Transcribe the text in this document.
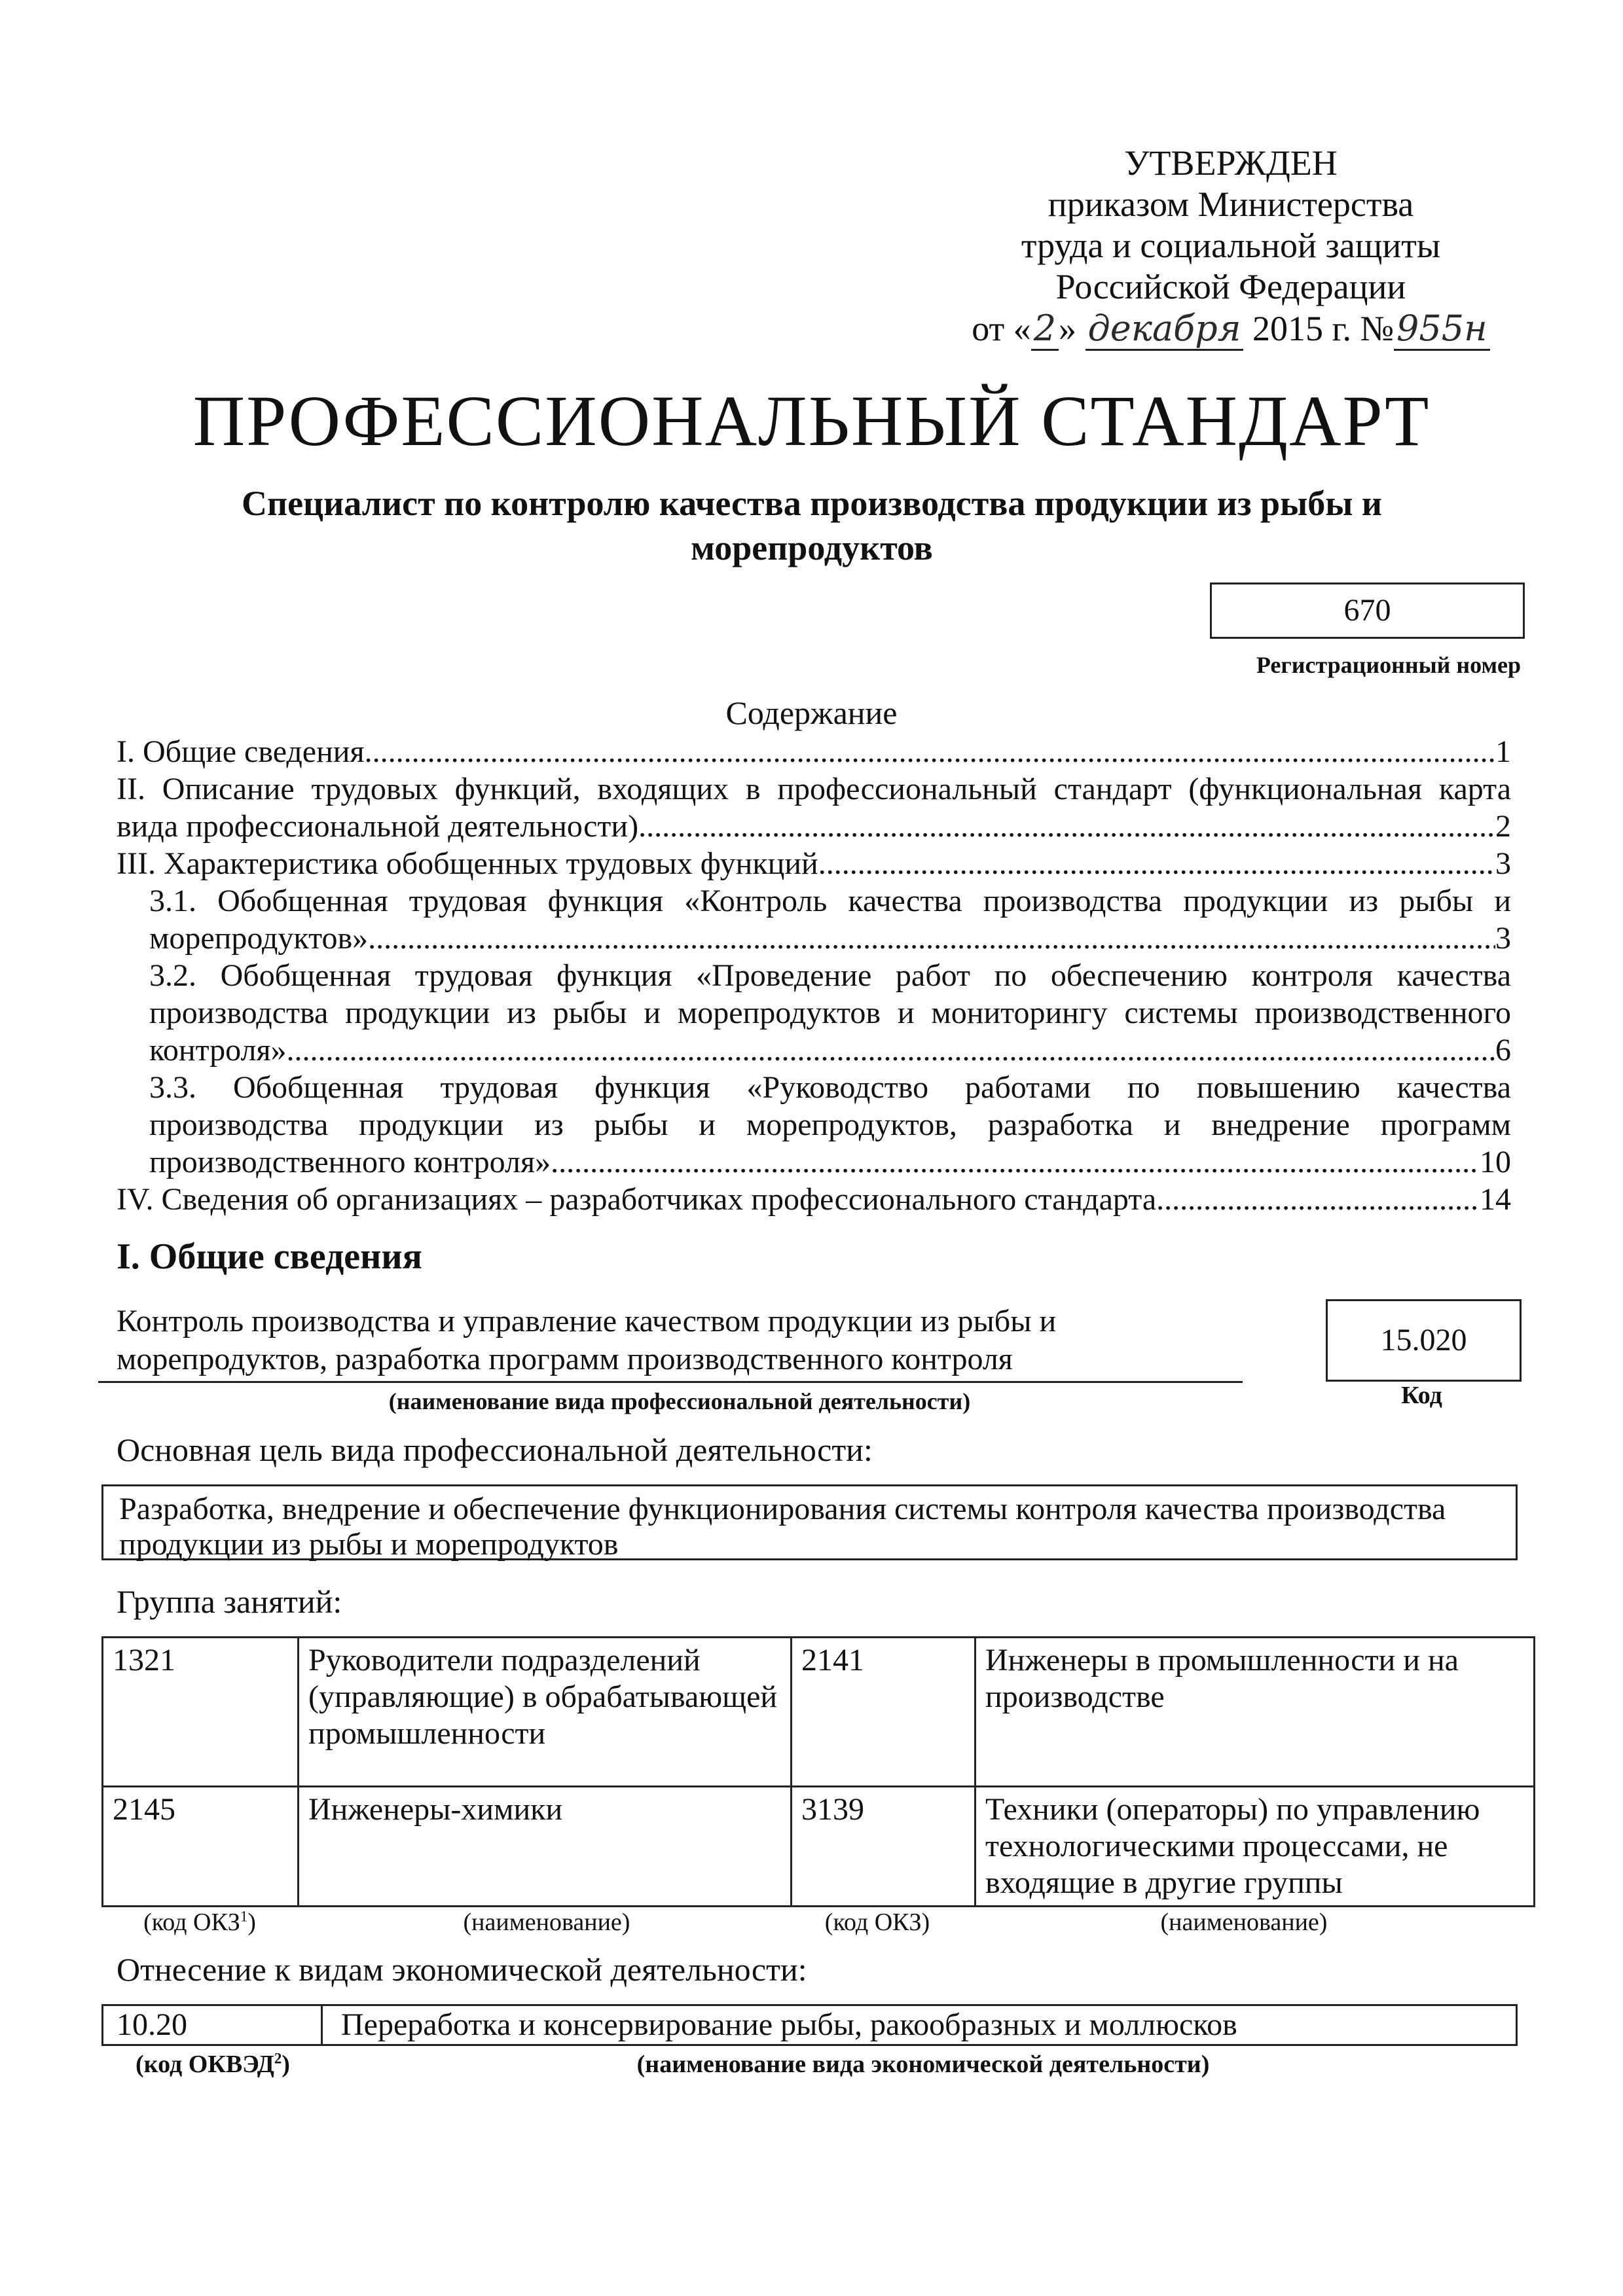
УТВЕРЖДЕН
приказом Министерства
труда и социальной защиты
Российской Федерации
от «2» декабря 2015 г. №955н
ПРОФЕССИОНАЛЬНЫЙ СТАНДАРТ
Специалист по контролю качества производства продукции из рыбы и морепродуктов
670
Регистрационный номер
Содержание
I. Общие сведения .....	1
II. Описание трудовых функций, входящих в профессиональный стандарт (функциональная карта
вида профессиональной деятельности) .....	2
III. Характеристика обобщенных трудовых функций .....	3
3.1. Обобщенная трудовая функция «Контроль качества производства продукции из рыбы и
морепродуктов» .....	3
3.2. Обобщенная трудовая функция «Проведение работ по обеспечению контроля качества
производства продукции из рыбы и морепродуктов и мониторингу системы производственного
контроля» .....	6
3.3. Обобщенная трудовая функция «Руководство работами по повышению качества
производства продукции из рыбы и морепродуктов, разработка и внедрение программ
производственного контроля» .....	10
IV. Сведения об организациях – разработчиках профессионального стандарта .....	14
I. Общие сведения
Контроль производства и управление качеством продукции из рыбы и морепродуктов, разработка программ производственного контроля
(наименование вида профессиональной деятельности)
15.020
Код
Основная цель вида профессиональной деятельности:
Разработка, внедрение и обеспечение функционирования системы контроля качества производства продукции из рыбы и морепродуктов
Группа занятий:
1321	Руководители подразделений (управляющие) в обрабатывающей промышленности	2141	Инженеры в промышленности и на производстве
2145	Инженеры-химики	3139	Техники (операторы) по управлению технологическими процессами, не входящие в другие группы
(код ОКЗ$^1$)	(наименование)	(код ОКЗ)	(наименование)
Отнесение к видам экономической деятельности:
10.20	Переработка и консервирование рыбы, ракообразных и моллюсков
(код ОКВЭД$^2$)	(наименование вида экономической деятельности)
